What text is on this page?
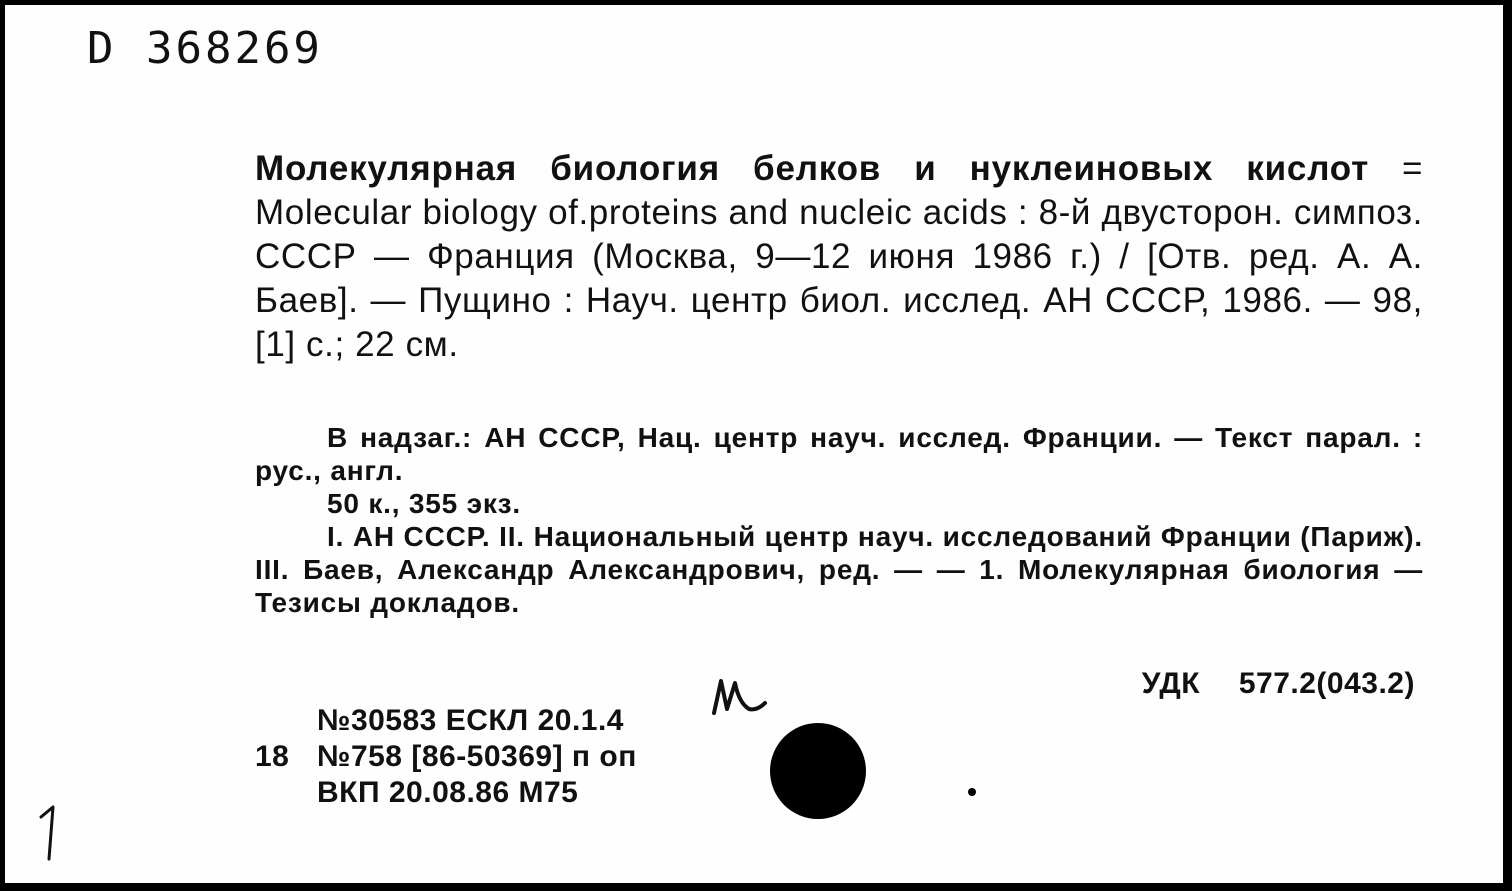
D 368269
Молекулярная биология белков и нуклеиновых кислот = Molecular biology of.proteins and nucleic acids : 8-й двусторон. симпоз. СССР — Франция (Москва, 9—12 июня 1986 г.) / [Отв. ред. А. А. Баев]. — Пущино : Науч. центр биол. исслед. АН СССР, 1986. — 98,[1] с.; 22 см.

В надзаг.: АН СССР, Нац. центр науч. исслед. Франции. — Текст парал. : рус., англ.

50 к., 355 экз.

I. АН СССР. II. Национальный центр науч. исследований Франции (Париж). III. Баев, Александр Александрович, ред. — — 1. Молекулярная биология — Тезисы докладов.

УДК 577.2(043.2)
№30583 ЕСКЛ 20.1.4
18 №758 [86-50369] п оп
ВКП 20.08.86 М75
